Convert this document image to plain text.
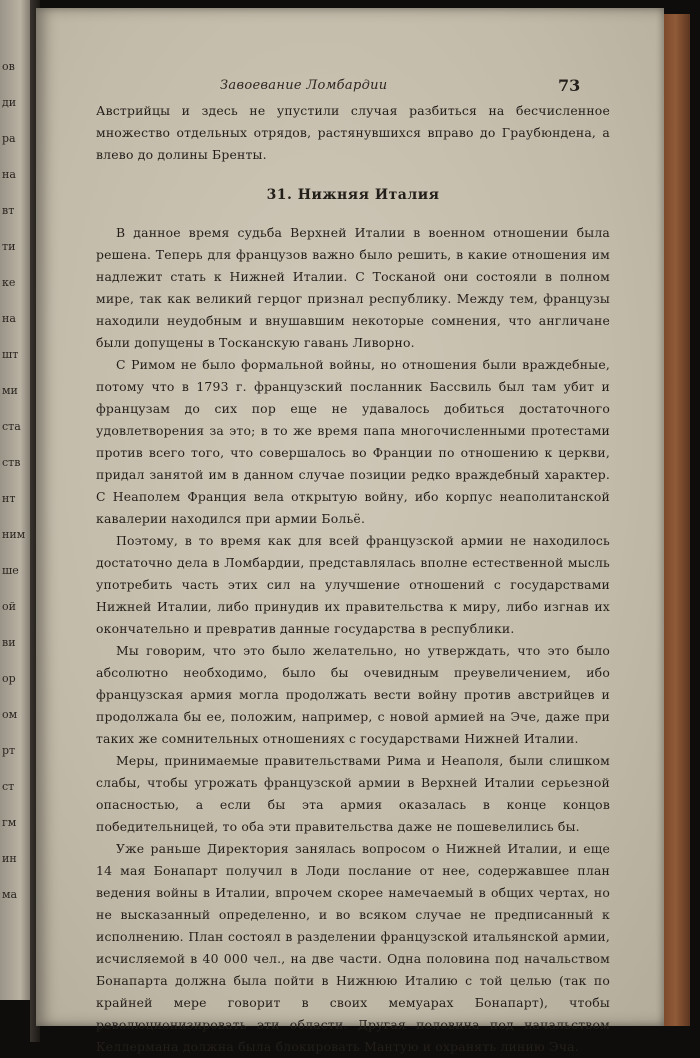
ов
ди
ра
на
вт
ти
ке
на
шт
ми
ста
ств
нт
ним
ше
ой
ви
ор
ом
рт
ст
гм
ин
ма
Завоевание Ломбардии	73

Австрийцы и здесь не упустили случая разбиться на бесчисленное множество отдельных отрядов, растянувшихся вправо до Граубюндена, а влево до долины Бренты.

31. Нижняя Италия

В данное время судьба Верхней Италии в военном отношении была решена. Теперь для французов важно было решить, в какие отношения им надлежит стать к Нижней Италии. С Тосканой они состояли в полном мире, так как великий герцог признал республику. Между тем, французы находили неудобным и внушавшим некоторые сомнения, что англичане были допущены в Тосканскую гавань Ливорно.

С Римом не было формальной войны, но отношения были враждебные, потому что в 1793 г. французский посланник Бассвиль был там убит и французам до сих пор еще не удавалось добиться достаточного удовлетворения за это; в то же время папа многочисленными протестами против всего того, что совершалось во Франции по отношению к церкви, придал занятой им в данном случае позиции редко враждебный характер. С Неаполем Франция вела открытую войну, ибо корпус неаполитанской кавалерии находился при армии Больё.

Поэтому, в то время как для всей французской армии не находилось достаточно дела в Ломбардии, представлялась вполне естественной мысль употребить часть этих сил на улучшение отношений с государствами Нижней Италии, либо принудив их правительства к миру, либо изгнав их окончательно и превратив данные государства в республики.

Мы говорим, что это было желательно, но утверждать, что это было абсолютно необходимо, было бы очевидным преувеличением, ибо французская армия могла продолжать вести войну против австрийцев и продолжала бы ее, положим, например, с новой армией на Эче, даже при таких же сомнительных отношениях с государствами Нижней Италии.

Меры, принимаемые правительствами Рима и Неаполя, были слишком слабы, чтобы угрожать французской армии в Верхней Италии серьезной опасностью, а если бы эта армия оказалась в конце концов победительницей, то оба эти правительства даже не пошевелились бы.

Уже раньше Директория занялась вопросом о Нижней Италии, и еще 14 мая Бонапарт получил в Лоди послание от нее, содержавшее план ведения войны в Италии, впрочем скорее намечаемый в общих чертах, но не высказанный определенно, и во всяком случае не предписанный к исполнению. План состоял в разделении французской итальянской армии, исчисляемой в 40 000 чел., на две части. Одна половина под начальством Бонапарта должна была пойти в Нижнюю Италию с той целью (так по крайней мере говорит в своих мемуарах Бонапарт), чтобы революционизировать эти области. Другая половина под начальством Келлермана должна была блокировать Мантую и охранять линию Эча.
